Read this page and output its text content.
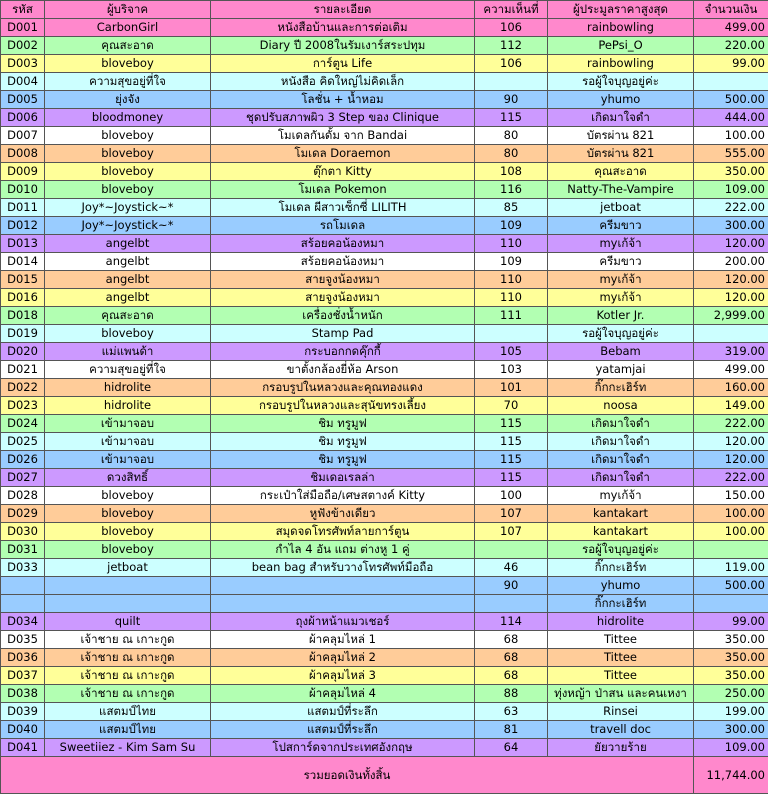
รหัส	ผู้บริจาค	รายละเอียด	ความเห็นที่	ผู้ประมูลราคาสูงสุด	จำนวนเงิน
D001	CarbonGirl	หนังสือบ้านและการต่อเติม	106	rainbowling	499.00
D002	คุณสะอาด	Diary ปี 2008ในรัมเงาร์สระปทุม	112	PePsi_O	220.00
D003	bloveboy	การ์ตูน Life	106	rainbowling	99.00
D004	ความสุขอยู่ที่ใจ	หนังสือ คิดใหญ่ไม่คิดเล็ก		รอผู้ใจบุญอยู่ค่ะ	
D005	ยุ่งจัง	โลชั่น + น้ำหอม	90	yhumo	500.00
D006	bloodmoney	ชุดปรับสภาพผิว 3 Step ของ Clinique	115	เกิดมาใจดำ	444.00
D007	bloveboy	โมเดลกันดั้ม จาก Bandai	80	บัตรผ่าน 821	100.00
D008	bloveboy	โมเดล Doraemon	80	บัตรผ่าน 821	555.00
D009	bloveboy	ตุ๊กตา Kitty	108	คุณสะอาด	350.00
D010	bloveboy	โมเดล Pokemon	116	Natty-The-Vampire	109.00
D011	Joy*~Joystick~*	โมเดล ผีสาวเซ็กซี่ LILITH	85	jetboat	222.00
D012	Joy*~Joystick~*	รถโมเดล	109	ครีมขาว	300.00
D013	angelbt	สร้อยคอน้องหมา	110	myเก้จ้า	120.00
D014	angelbt	สร้อยคอน้องหมา	109	ครีมขาว	200.00
D015	angelbt	สายจูงน้องหมา	110	myเก้จ้า	120.00
D016	angelbt	สายจูงน้องหมา	110	myเก้จ้า	120.00
D018	คุณสะอาด	เครื่องชั่งน้ำหนัก	111	Kotler Jr.	2,999.00
D019	bloveboy	Stamp Pad		รอผู้ใจบุญอยู่ค่ะ	
D020	แม่แพนด้า	กระบอกกดคุ๊กกี้	105	Bebam	319.00
D021	ความสุขอยู่ที่ใจ	ขาตั้งกล้องยี่ห้อ Arson	103	yatamjai	499.00
D022	hidrolite	กรอบรูปในหลวงและคุณทองแดง	101	กิ๊กกะเฮิร์ท	160.00
D023	hidrolite	กรอบรูปในหลวงและสุนัขทรงเลี้ยง	70	noosa	149.00
D024	เข้ามาจอบ	ชิม ทรูมูฟ	115	เกิดมาใจดำ	222.00
D025	เข้ามาจอบ	ชิม ทรูมูฟ	115	เกิดมาใจดำ	120.00
D026	เข้ามาจอบ	ชิม ทรูมูฟ	115	เกิดมาใจดำ	120.00
D027	ดวงสิทธิ์	ชิมเดอเรลล่า	115	เกิดมาใจดำ	222.00
D028	bloveboy	กระเป๋าใส่มือถือ/เศษสตางค์ Kitty	100	myเก้จ้า	150.00
D029	bloveboy	หูฟังข้างเดียว	107	kantakart	100.00
D030	bloveboy	สมุดจดโทรศัพท์ลายการ์ตูน	107	kantakart	100.00
D031	bloveboy	กำไล 4 อัน แถม ต่างหู 1 คู่		รอผู้ใจบุญอยู่ค่ะ	
D033	jetboat	bean bag สำหรับวางโทรศัพท์มือถือ	46	กิ๊กกะเฮิร์ท	119.00
			90	yhumo	500.00
				กิ๊กกะเฮิร์ท	
D034	quilt	ถุงผ้าหน้าแมวเชอร์	114	hidrolite	99.00
D035	เจ้าชาย ณ เกาะกูด	ผ้าคลุมไหล่ 1	68	Tittee	350.00
D036	เจ้าชาย ณ เกาะกูด	ผ้าคลุมไหล่ 2	68	Tittee	350.00
D037	เจ้าชาย ณ เกาะกูด	ผ้าคลุมไหล่ 3	68	Tittee	350.00
D038	เจ้าชาย ณ เกาะกูด	ผ้าคลุมไหล่ 4	88	ทุ่งหญ้า ป่าสน และคนเหงา	250.00
D039	แสตมป์ไทย	แสตมป์ที่ระลึก	63	Rinsei	199.00
D040	แสตมป์ไทย	แสตมป์ที่ระลึก	81	travell doc	300.00
D041	Sweetiiez - Kim Sam Su	โปสการ์ดจากประเทศอังกฤษ	64	ยัยวายร้าย	109.00
รวมยอดเงินทั้งสิ้น					11,744.00
